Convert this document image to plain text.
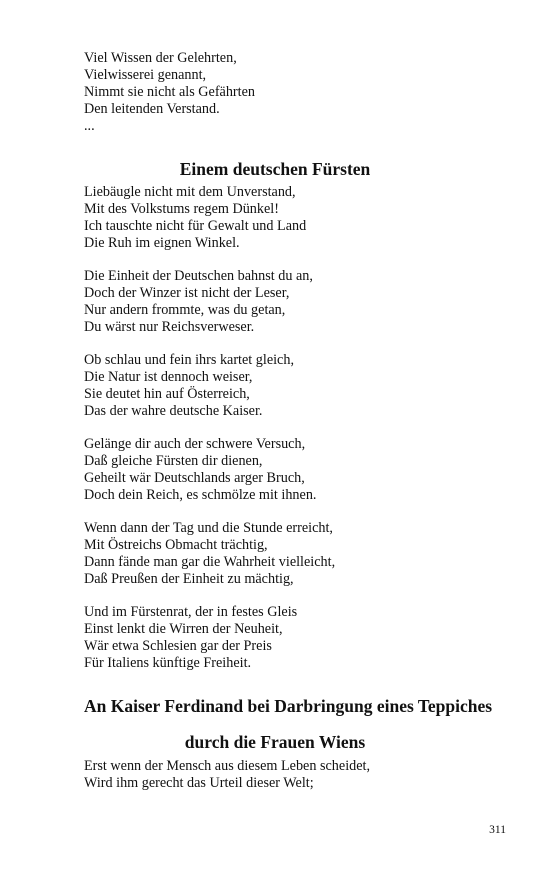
Viel Wissen der Gelehrten,
Vielwisserei genannt,
Nimmt sie nicht als Gefährten
Den leitenden Verstand.
...
Einem deutschen Fürsten
Liebäugle nicht mit dem Unverstand,
Mit des Volkstums regem Dünkel!
Ich tauschte nicht für Gewalt und Land
Die Ruh im eignen Winkel.
Die Einheit der Deutschen bahnst du an,
Doch der Winzer ist nicht der Leser,
Nur andern frommte, was du getan,
Du wärst nur Reichsverweser.
Ob schlau und fein ihrs kartet gleich,
Die Natur ist dennoch weiser,
Sie deutet hin auf Österreich,
Das der wahre deutsche Kaiser.
Gelänge dir auch der schwere Versuch,
Daß gleiche Fürsten dir dienen,
Geheilt wär Deutschlands arger Bruch,
Doch dein Reich, es schmölze mit ihnen.
Wenn dann der Tag und die Stunde erreicht,
Mit Östreichs Obmacht trächtig,
Dann fände man gar die Wahrheit vielleicht,
Daß Preußen der Einheit zu mächtig,
Und im Fürstenrat, der in festes Gleis
Einst lenkt die Wirren der Neuheit,
Wär etwa Schlesien gar der Preis
Für Italiens künftige Freiheit.
An Kaiser Ferdinand bei Darbringung eines Teppiches
durch die Frauen Wiens
Erst wenn der Mensch aus diesem Leben scheidet,
Wird ihm gerecht das Urteil dieser Welt;
311
